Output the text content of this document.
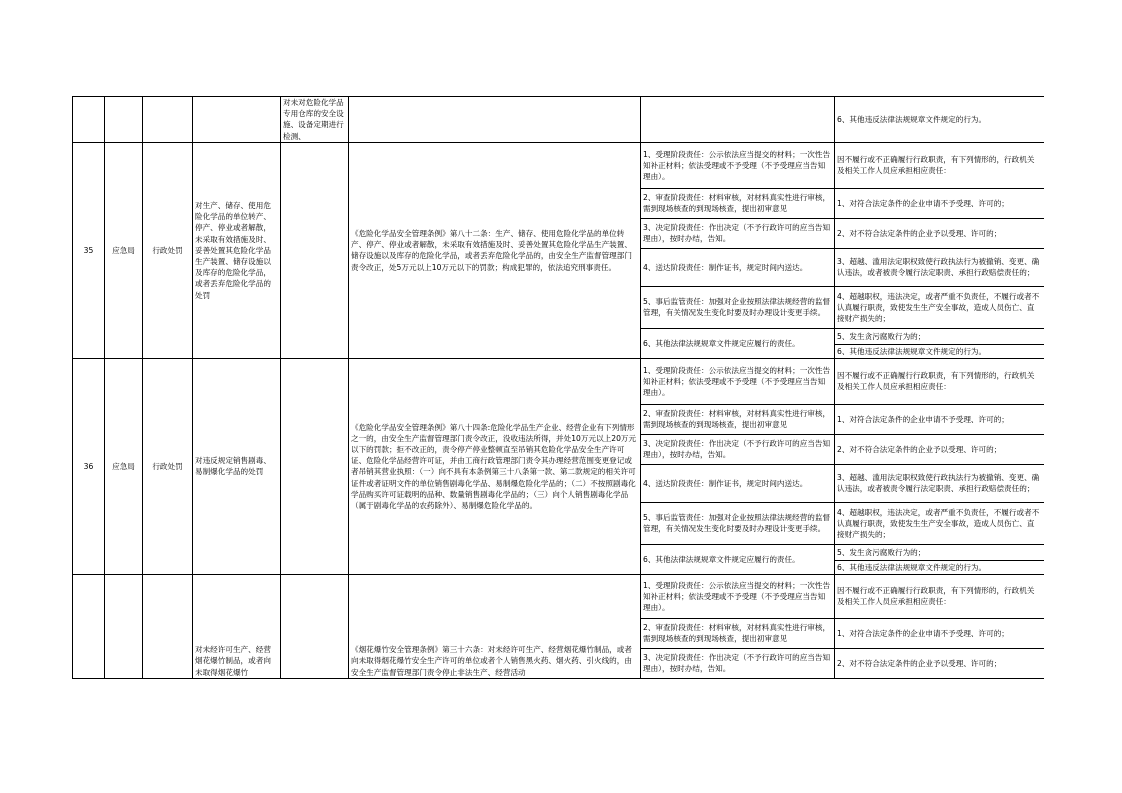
				对未对危险化学品专用仓库的安全设施、设备定期进行检测、			6、其他违反法律法规规章文件规定的行为。
35	应急局	行政处罚	对生产、储存、使用危险化学品的单位转产、停产、停业或者解散，未采取有效措施及时、妥善处置其危险化学品生产装置、储存设施以及库存的危险化学品，或者丢弃危险化学品的处罚		《危险化学品安全管理条例》第八十二条：生产、储存、使用危险化学品的单位转产、停产、停业或者解散，未采取有效措施及时、妥善处置其危险化学品生产装置、储存设施以及库存的危险化学品，或者丢弃危险化学品的，由安全生产监督管理部门责令改正，处5万元以上10万元以下的罚款；构成犯罪的，依法追究刑事责任。	1、受理阶段责任：公示依法应当提交的材料；一次性告知补正材料；依法受理或不予受理（不予受理应当告知理由）。	因不履行或不正确履行行政职责，有下列情形的，行政机关及相关工作人员应承担相应责任：
						2、审查阶段责任：材料审核，对材料真实性进行审核，需到现场核查的到现场核查，提出初审意见	1、对符合法定条件的企业申请不予受理、许可的；
						3、决定阶段责任：作出决定（不予行政许可的应当告知理由），按时办结，告知。	2、对不符合法定条件的企业予以受理、许可的；
						4、送达阶段责任：制作证书，规定时间内送达。	3、超越、滥用法定职权致使行政执法行为被撤销、变更、确认违法，或者被责令履行法定职责、承担行政赔偿责任的；
						5、事后监管责任：加强对企业按照法律法规经营的监督管理，有关情况发生变化时要及时办理设计变更手续。	4、超越职权，违法决定，或者严重不负责任，不履行或者不认真履行职责，致使发生生产安全事故，造成人员伤亡、直接财产损失的；
						6、其他法律法规规章文件规定应履行的责任。	5、发生贪污腐败行为的；
							6、其他违反法律法规规章文件规定的行为。
36	应急局	行政处罚	对违反规定销售剧毒、易制爆化学品的处罚		《危险化学品安全管理条例》第八十四条:危险化学品生产企业、经营企业有下列情形之一的，由安全生产监督管理部门责令改正，没收违法所得，并处10万元以上20万元以下的罚款；拒不改正的，责令停产停业整顿直至吊销其危险化学品安全生产许可证、危险化学品经营许可证，并由工商行政管理部门责令其办理经营范围变更登记或者吊销其营业执照：（一）向不具有本条例第三十八条第一款、第二款规定的相关许可证件或者证明文件的单位销售剧毒化学品、易制爆危险化学品的；（二）不按照剧毒化学品购买许可证载明的品种、数量销售剧毒化学品的；（三）向个人销售剧毒化学品（属于剧毒化学品的农药除外）、易制爆危险化学品的。	1、受理阶段责任：公示依法应当提交的材料；一次性告知补正材料；依法受理或不予受理（不予受理应当告知理由）。	因不履行或不正确履行行政职责，有下列情形的，行政机关及相关工作人员应承担相应责任：
						2、审查阶段责任：材料审核，对材料真实性进行审核，需到现场核查的到现场核查，提出初审意见	1、对符合法定条件的企业申请不予受理、许可的；
						3、决定阶段责任：作出决定（不予行政许可的应当告知理由），按时办结，告知。	2、对不符合法定条件的企业予以受理、许可的；
						4、送达阶段责任：制作证书，规定时间内送达。	3、超越、滥用法定职权致使行政执法行为被撤销、变更、确认违法，或者被责令履行法定职责、承担行政赔偿责任的；
						5、事后监管责任：加强对企业按照法律法规经营的监督管理，有关情况发生变化时要及时办理设计变更手续。	4、超越职权，违法决定，或者严重不负责任，不履行或者不认真履行职责，致使发生生产安全事故，造成人员伤亡、直接财产损失的；
						6、其他法律法规规章文件规定应履行的责任。	5、发生贪污腐败行为的；
							6、其他违反法律法规规章文件规定的行为。
			对未经许可生产、经营烟花爆竹制品，或者向未取得烟花爆竹		《烟花爆竹安全管理条例》第三十六条：对未经许可生产、经营烟花爆竹制品，或者向未取得烟花爆竹安全生产许可的单位或者个人销售黑火药、烟火药、引火线的，由安全生产监督管理部门责令停止非法生产、经营活动	1、受理阶段责任：公示依法应当提交的材料；一次性告知补正材料；依法受理或不予受理（不予受理应当告知理由）。	因不履行或不正确履行行政职责，有下列情形的，行政机关及相关工作人员应承担相应责任：
						2、审查阶段责任：材料审核，对材料真实性进行审核，需到现场核查的到现场核查，提出初审意见	1、对符合法定条件的企业申请不予受理、许可的；
						3、决定阶段责任：作出决定（不予行政许可的应当告知理由），按时办结，告知。	2、对不符合法定条件的企业予以受理、许可的；
